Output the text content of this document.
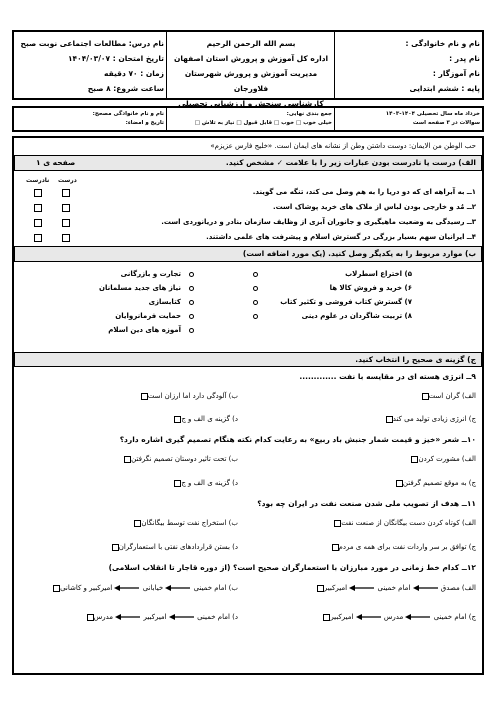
نام و نام خانوادگی :
نام پدر :
نام آموزگار :
پایه : ششم ابتدایی
بسم الله الرحمن الرحیم
اداره کل آموزش و پرورش استان اصفهان
مدیریت آموزش و پرورش شهرستان فلاورجان
کارشناسی سنجش و ارزشیابی تحصیلی
نام درس: مطالعات اجتماعی نوبت صبح
تاریخ امتحان : ۱۴۰۴/۰۳/۰۷
زمان : ۷۰ دقیقه
ساعت شروع: ۸ صبح
خرداد ماه سال تحصیلی ۱۴۰۴-۱۴۰۳
سوالات در ۳ صفحه است
جمع بندی نهایی:
خیلی خوب □ خوب □ قابل قبول □ نیاز به تلاش □
نام و نام خانوادگی مصحح:
تاریخ و امضاء:
حب الوطن من الایمان: دوست داشتن وطن از نشانه های ایمان است. «خلیج فارس عزیزم»
الف) درست یا نادرست بودن عبارات زیر را با علامت ✓ مشخص کنید.
صفحه ی ۱
درست
نادرست
۱ــ به آبراهه ای که دو دریا را به هم وصل می کند، تنگه می گویند.
۲ــ مُد و خارجی بودن لباس از ملاک های خرید پوشاک است.
۳ــ رسیدگی به وضعیت ماهیگیری و جانوران آبزی از وظایف سازمان بنادر و دریانوردی است.
۴ــ ایرانیان سهم بسیار بزرگی در گسترش اسلام و پیشرفت های علمی داشتند.
ب) موارد مربوط را به یکدیگر وصل کنید. (یک مورد اضافه است)
۵) اختراع اسطرلاب
۶) خرید و فروش کالا ها
۷) گسترش کتاب فروشی و تکثیر کتاب
۸) تربیت شاگردان در علوم دینی
تجارت و بازرگانی
نیاز های جدید مسلمانان
کتابسازی
حمایت فرمانروایان
آموزه های دین اسلام
ج) گزینه ی صحیح را انتخاب کنید.
۹ــ انرژی هسته ای در مقایسه با نفت .............
الف) گران است
ب) آلودگی دارد اما ارزان است
ج) انرژی زیادی تولید می کند
د) گزینه ی الف و ج
۱۰ــ شعر «خیز و قیمت شمار جنبش باد ربیع» به رعایت کدام نکته هنگام تصمیم گیری اشاره دارد؟
الف) مشورت کردن
ب) تحت تاثیر دوستان تصمیم نگرفتن
ج) به موقع تصمیم گرفتن
د) گزینه ی الف و ج
۱۱ــ هدف از تصویب ملی شدن صنعت نفت در ایران چه بود؟
الف) کوتاه کردن دست بیگانگان از صنعت نفت
ب) استخراج نفت توسط بیگانگان
ج) توافق بر سر واردات نفت برای همه ی مردم
د) بستن قراردادهای نفتی با استعمارگران
۱۲ــ کدام خط زمانی در مورد مبارزان با استعمارگران صحیح است؟ (از دوره قاجار تا انقلاب اسلامی)
الف) مصدق  امام خمینی  امیرکبیر
ب) امام خمینی  خیابانی  امیرکبیر و کاشانی
ج) امام خمینی  مدرس  امیرکبیر
د) امام خمینی  امیرکبیر  مدرس
